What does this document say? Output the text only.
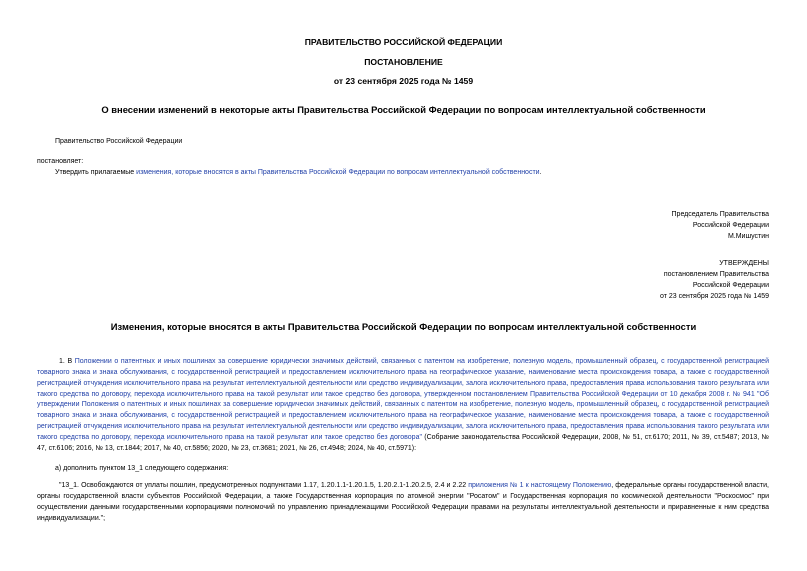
ПРАВИТЕЛЬСТВО РОССИЙСКОЙ ФЕДЕРАЦИИ
ПОСТАНОВЛЕНИЕ
от 23 сентября 2025 года № 1459
О внесении изменений в некоторые акты Правительства Российской Федерации по вопросам интеллектуальной собственности
Правительство Российской Федерации
постановляет:
Утвердить прилагаемые изменения, которые вносятся в акты Правительства Российской Федерации по вопросам интеллектуальной собственности.
Председатель Правительства
Российской Федерации
М.Мишустин
УТВЕРЖДЕНЫ
постановлением Правительства
Российской Федерации
от 23 сентября 2025 года № 1459
Изменения, которые вносятся в акты Правительства Российской Федерации по вопросам интеллектуальной собственности
1. В Положении о патентных и иных пошлинах за совершение юридически значимых действий, связанных с патентом на изобретение, полезную модель, промышленный образец, с государственной регистрацией товарного знака и знака обслуживания, с государственной регистрацией и предоставлением исключительного права на географическое указание, наименование места происхождения товара, а также с государственной регистрацией отчуждения исключительного права на результат интеллектуальной деятельности или средство индивидуализации, залога исключительного права, предоставления права использования такого результата или такого средства по договору, перехода исключительного права на такой результат или такое средство без договора, утвержденном постановлением Правительства Российской Федерации от 10 декабря 2008 г. № 941 "Об утверждении Положения о патентных и иных пошлинах за совершение юридически значимых действий, связанных с патентом на изобретение, полезную модель, промышленный образец, с государственной регистрацией товарного знака и знака обслуживания, с государственной регистрацией и предоставлением исключительного права на географическое указание, наименование места происхождения товара, а также с государственной регистрацией отчуждения исключительного права на результат интеллектуальной деятельности или средство индивидуализации, залога исключительного права, предоставления права использования такого результата или такого средства по договору, перехода исключительного права на такой результат или такое средство без договора" (Собрание законодательства Российской Федерации, 2008, № 51, ст.6170; 2011, № 39, ст.5487; 2013, № 47, ст.6106; 2016, № 13, ст.1844; 2017, № 40, ст.5856; 2020, № 23, ст.3681; 2021, № 26, ст.4948; 2024, № 40, ст.5971):
а) дополнить пунктом 13_1 следующего содержания:
"13_1. Освобождаются от уплаты пошлин, предусмотренных подпунктами 1.17, 1.20.1.1-1.20.1.5, 1.20.2.1-1.20.2.5, 2.4 и 2.22 приложения № 1 к настоящему Положению, федеральные органы государственной власти, органы государственной власти субъектов Российской Федерации, а также Государственная корпорация по атомной энергии "Росатом" и Государственная корпорация по космической деятельности "Роскосмос" при осуществлении данными государственными корпорациями полномочий по управлению принадлежащими Российской Федерации правами на результаты интеллектуальной деятельности и приравненные к ним средства индивидуализации.";
